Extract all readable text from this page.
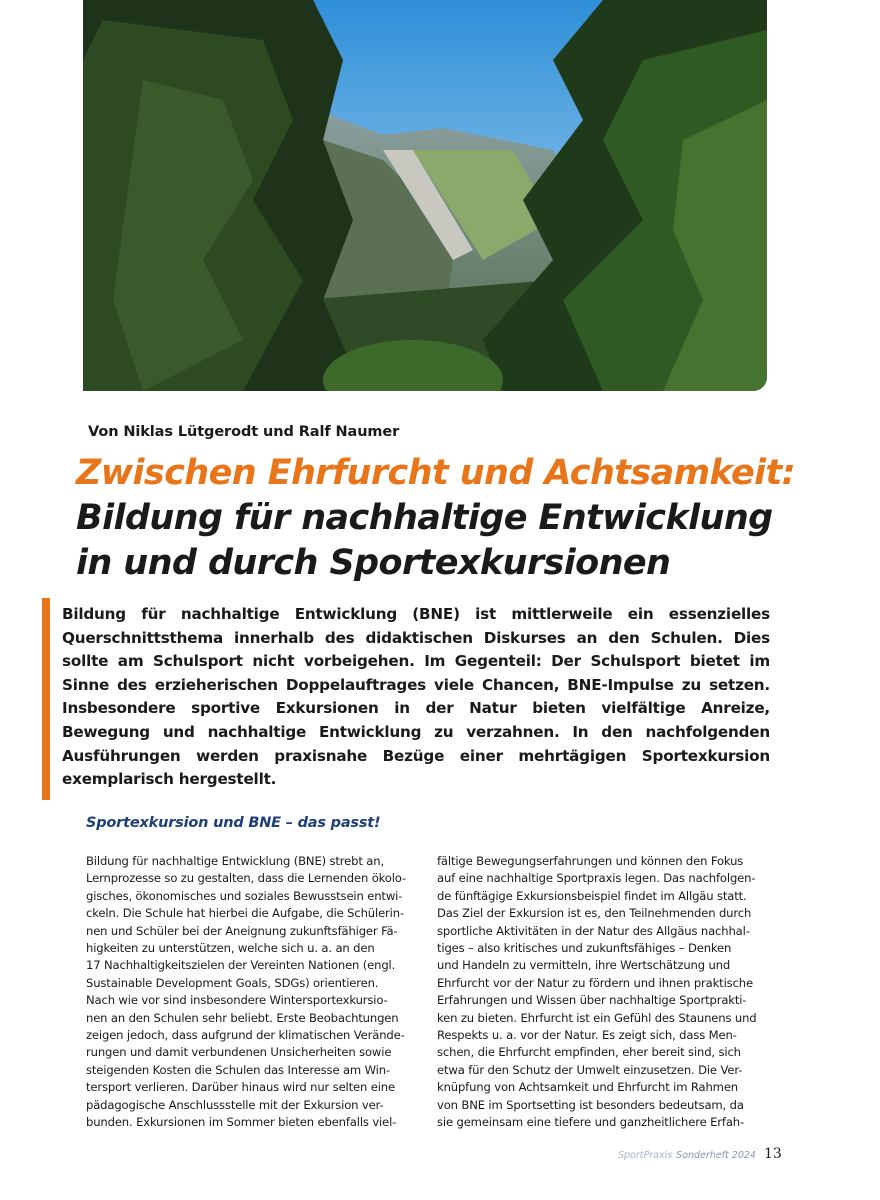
Von Niklas Lütgerodt und Ralf Naumer
Zwischen Ehrfurcht und Achtsamkeit:
Bildung für nachhaltige Entwicklung
in und durch Sportexkursionen

Bildung für nachhaltige Entwicklung (BNE) ist mittlerweile ein essenzielles Querschnittsthema innerhalb des didaktischen Diskurses an den Schulen. Dies sollte am Schulsport nicht vorbeigehen. Im Gegenteil: Der Schulsport bietet im Sinne des erzieherischen Doppelauftrages viele Chancen, BNE-Impulse zu setzen. Insbesondere sportive Exkursionen in der Natur bieten vielfältige Anreize, Bewegung und nachhaltige Entwicklung zu verzahnen. In den nachfolgenden Ausführungen werden praxisnahe Bezüge einer mehrtägigen Sportexkursion exemplarisch hergestellt.

Sportexkursion und BNE – das passt!
Bildung für nachhaltige Entwicklung (BNE) strebt an,
Lernprozesse so zu gestalten, dass die Lernenden ökolo-
gisches, ökonomisches und soziales Bewusstsein entwi-
ckeln. Die Schule hat hierbei die Aufgabe, die Schülerin-
nen und Schüler bei der Aneignung zukunftsfähiger Fä-
higkeiten zu unterstützen, welche sich u. a. an den
17 Nachhaltigkeitszielen der Vereinten Nationen (engl.
Sustainable Development Goals, SDGs) orientieren.
Nach wie vor sind insbesondere Wintersportexkursio-
nen an den Schulen sehr beliebt. Erste Beobachtungen
zeigen jedoch, dass aufgrund der klimatischen Verände-
rungen und damit verbundenen Unsicherheiten sowie
steigenden Kosten die Schulen das Interesse am Win-
tersport verlieren. Darüber hinaus wird nur selten eine
pädagogische Anschlussstelle mit der Exkursion ver-
bunden. Exkursionen im Sommer bieten ebenfalls viel-
fältige Bewegungserfahrungen und können den Fokus
auf eine nachhaltige Sportpraxis legen. Das nachfolgen-
de fünftägige Exkursionsbeispiel findet im Allgäu statt.
Das Ziel der Exkursion ist es, den Teilnehmenden durch
sportliche Aktivitäten in der Natur des Allgäus nachhal-
tiges – also kritisches und zukunftsfähiges – Denken
und Handeln zu vermitteln, ihre Wertschätzung und
Ehrfurcht vor der Natur zu fördern und ihnen praktische
Erfahrungen und Wissen über nachhaltige Sportprakti-
ken zu bieten. Ehrfurcht ist ein Gefühl des Staunens und
Respekts u. a. vor der Natur. Es zeigt sich, dass Men-
schen, die Ehrfurcht empfinden, eher bereit sind, sich
etwa für den Schutz der Umwelt einzusetzen. Die Ver-
knüpfung von Achtsamkeit und Ehrfurcht im Rahmen
von BNE im Sportsetting ist besonders bedeutsam, da
sie gemeinsam eine tiefere und ganzheitlichere Erfah-
SportPraxis Sonderheft 2024 13
